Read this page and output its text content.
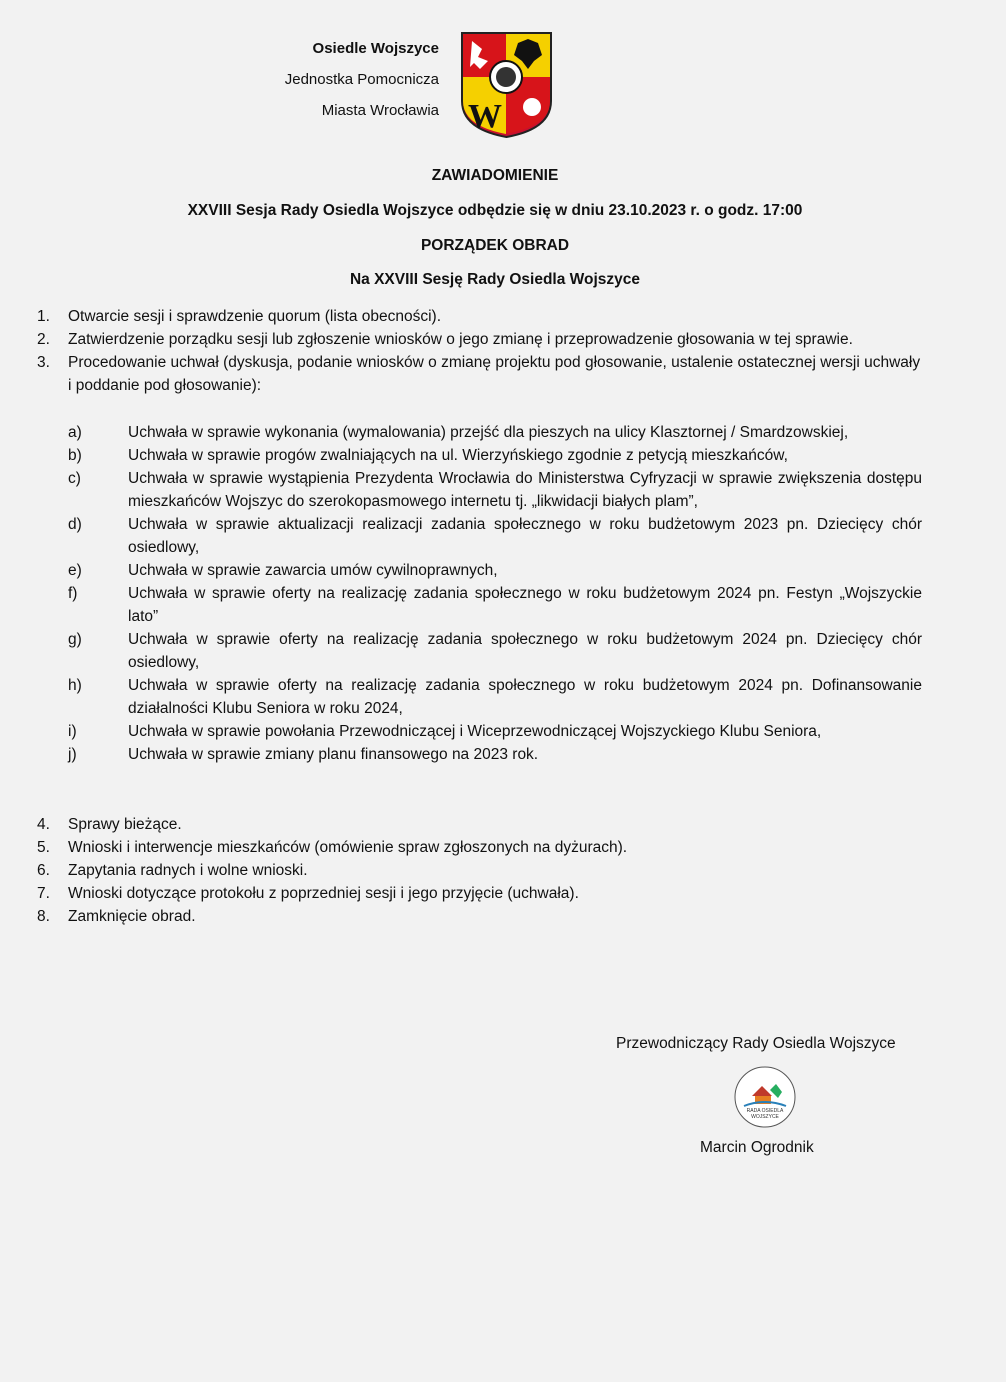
Osiedle Wojszyce
Jednostka Pomocnicza
Miasta Wrocławia W
ZAWIADOMIENIE
XXVIII Sesja Rady Osiedla Wojszyce odbędzie się w dniu 23.10.2023 r. o godz. 17:00
PORZĄDEK OBRAD
Na XXVIII Sesję Rady Osiedla Wojszyce
1.	Otwarcie sesji i sprawdzenie quorum (lista obecności).
2.	Zatwierdzenie porządku sesji lub zgłoszenie wniosków o jego zmianę i przeprowadzenie głosowania w tej sprawie.
3.	Procedowanie uchwał (dyskusja, podanie wniosków o zmianę projektu pod głosowanie, ustalenie ostatecznej wersji uchwały i poddanie pod głosowanie):
a)	Uchwała w sprawie wykonania (wymalowania) przejść dla pieszych na ulicy Klasztornej / Smardzowskiej,
b)	Uchwała w sprawie progów zwalniających na ul. Wierzyńskiego zgodnie z petycją mieszkańców,
c)	Uchwała w sprawie wystąpienia Prezydenta Wrocławia do Ministerstwa Cyfryzacji w sprawie zwiększenia dostępu mieszkańców Wojszyc do szerokopasmowego internetu tj. „likwidacji białych plam”,
d)	Uchwała w sprawie aktualizacji realizacji zadania społecznego w roku budżetowym 2023 pn. Dziecięcy chór osiedlowy,
e)	Uchwała w sprawie zawarcia umów cywilnoprawnych,
f)	Uchwała w sprawie oferty na realizację zadania społecznego w roku budżetowym 2024 pn. Festyn „Wojszyckie lato”
g)	Uchwała w sprawie oferty na realizację zadania społecznego w roku budżetowym 2024 pn. Dziecięcy chór osiedlowy,
h)	Uchwała w sprawie oferty na realizację zadania społecznego w roku budżetowym 2024 pn. Dofinansowanie działalności Klubu Seniora w roku 2024,
i)	Uchwała w sprawie powołania Przewodniczącej i Wiceprzewodniczącej Wojszyckiego Klubu Seniora,
j)	Uchwała w sprawie zmiany planu finansowego na 2023 rok.
4.	Sprawy bieżące.
5.	Wnioski i interwencje mieszkańców (omówienie spraw zgłoszonych na dyżurach).
6.	Zapytania radnych i wolne wnioski.
7.	Wnioski dotyczące protokołu z poprzedniej sesji i jego przyjęcie (uchwała).
8.	Zamknięcie obrad.
Przewodniczący Rady Osiedla Wojszyce
RADA OSIEDLA
WOJSZYCE
Marcin Ogrodnik
